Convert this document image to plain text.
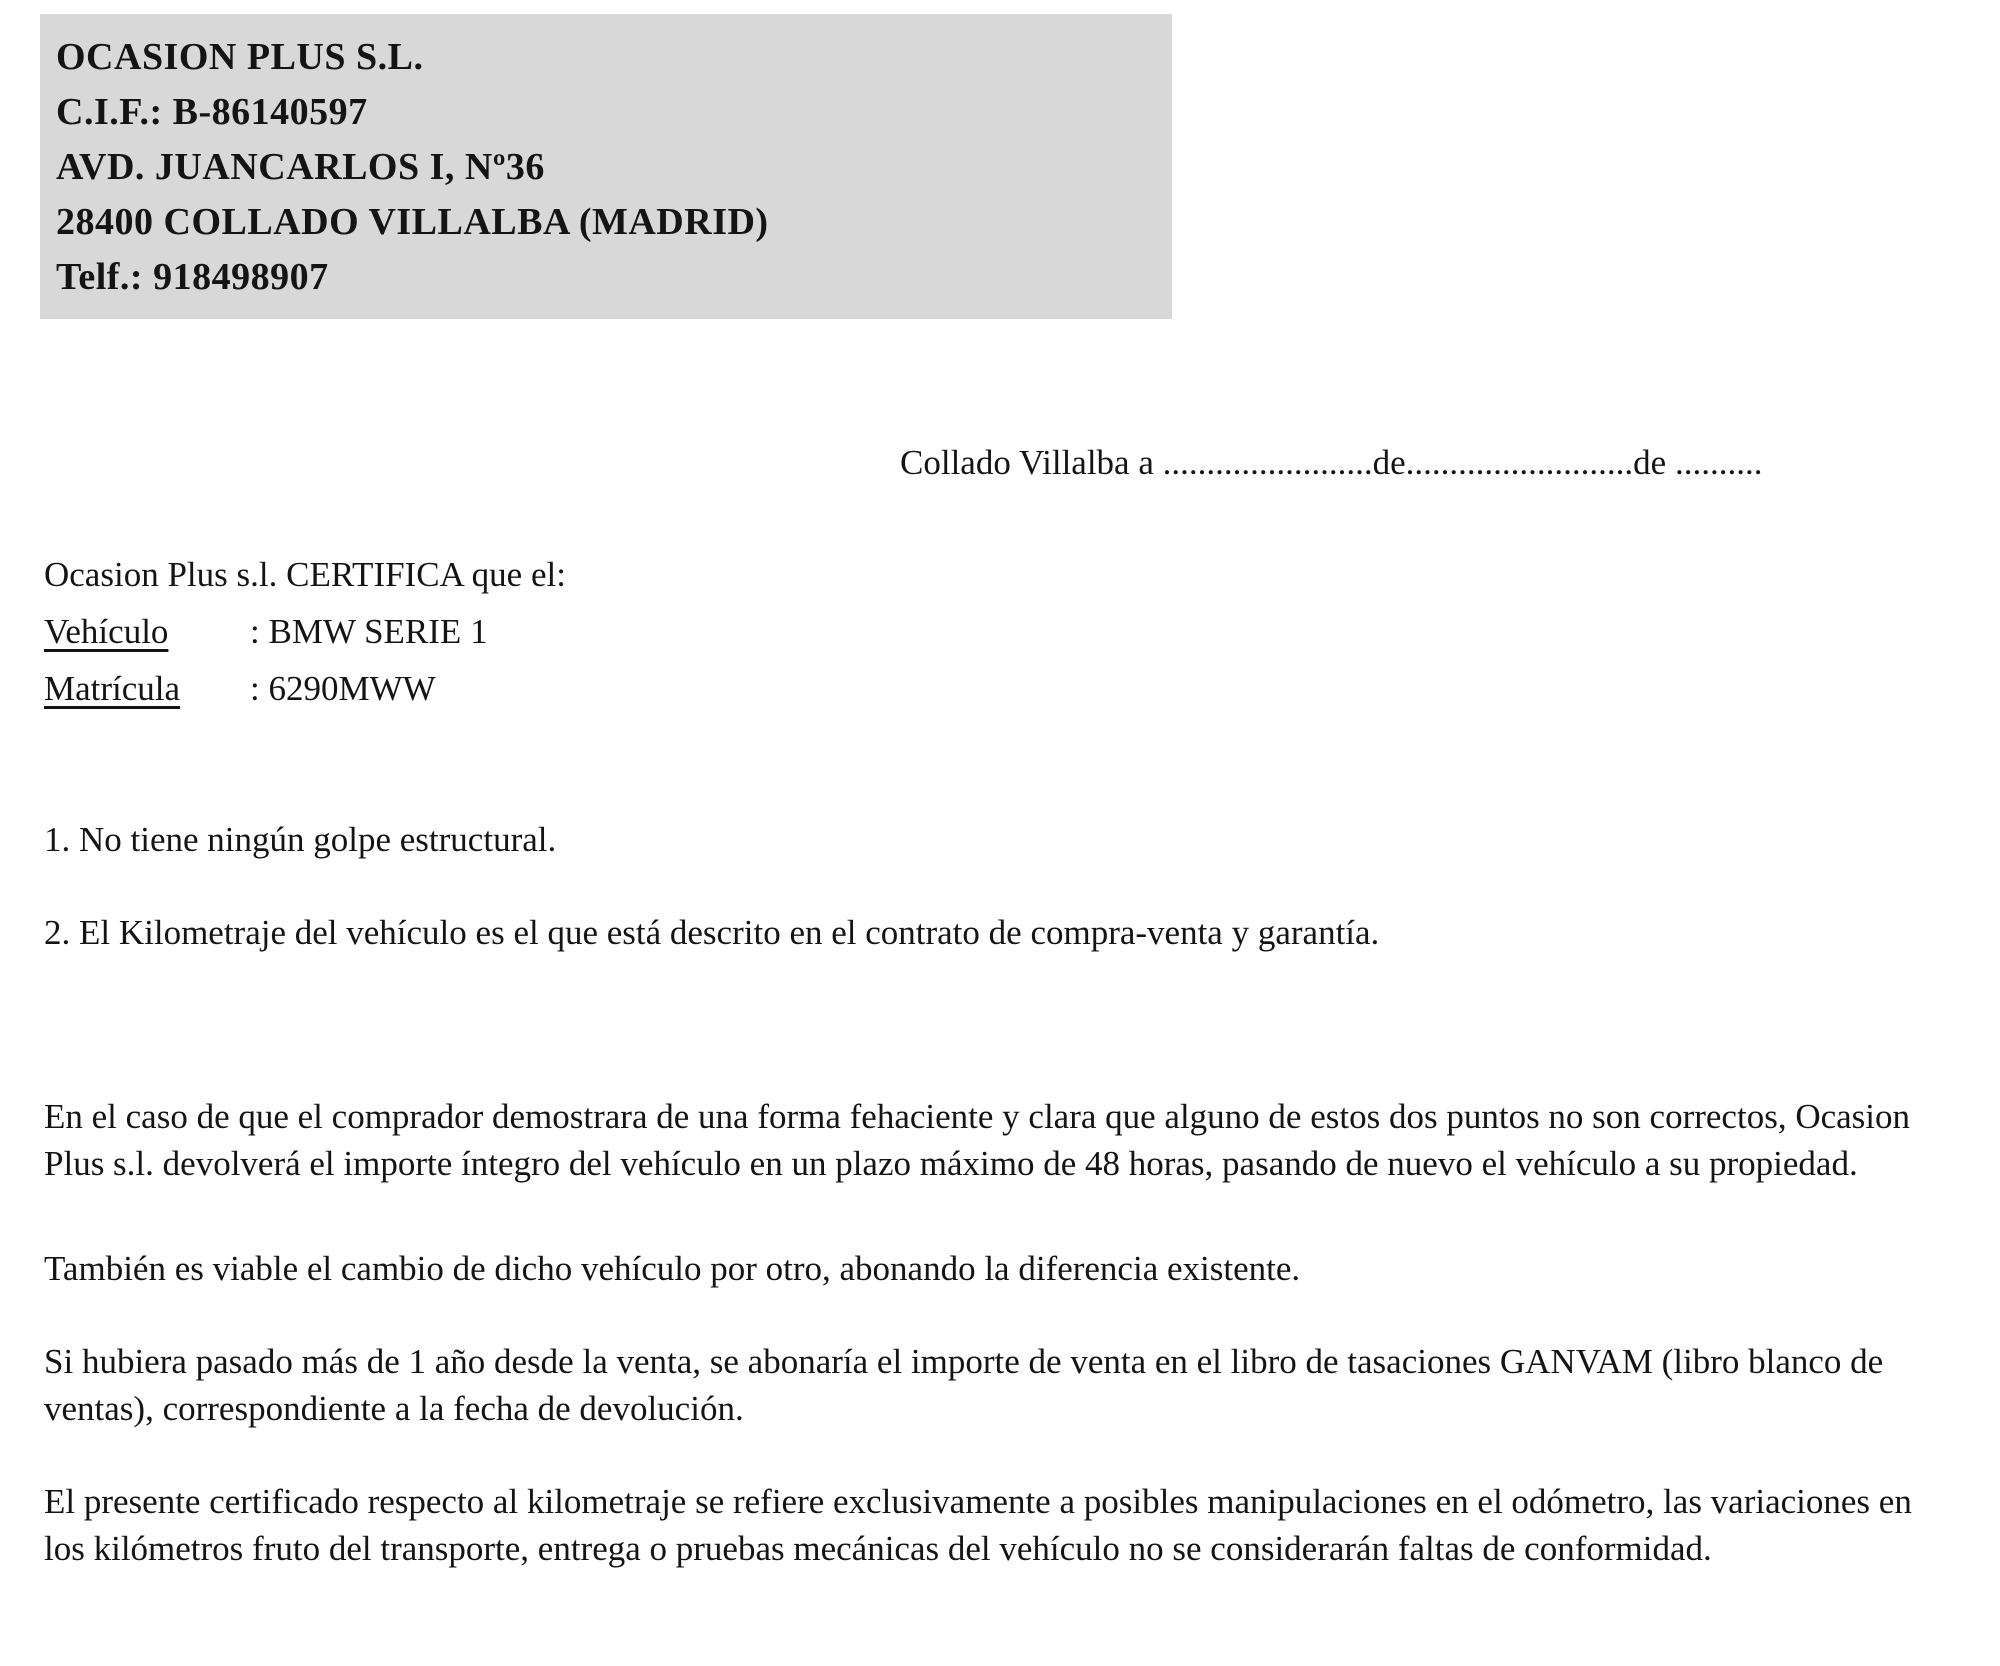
OCASION PLUS S.L.
C.I.F.: B-86140597
AVD. JUANCARLOS I, Nº36
28400 COLLADO VILLALBA (MADRID)
Telf.: 918498907
Collado Villalba a ........................de..........................de ..........
Ocasion Plus s.l. CERTIFICA que el:
Vehículo : BMW SERIE 1
Matrícula : 6290MWW

1. No tiene ningún golpe estructural.

2. El Kilometraje del vehículo es el que está descrito en el contrato de compra-venta y garantía.

En el caso de que el comprador demostrara de una forma fehaciente y clara que alguno de estos dos puntos no son correctos, Ocasion Plus s.l. devolverá el importe íntegro del vehículo en un plazo máximo de 48 horas, pasando de nuevo el vehículo a su propiedad.

También es viable el cambio de dicho vehículo por otro, abonando la diferencia existente.

Si hubiera pasado más de 1 año desde la venta, se abonaría el importe de venta en el libro de tasaciones GANVAM (libro blanco de ventas), correspondiente a la fecha de devolución.

El presente certificado respecto al kilometraje se refiere exclusivamente a posibles manipulaciones en el odómetro, las variaciones en los kilómetros fruto del transporte, entrega o pruebas mecánicas del vehículo no se considerarán faltas de conformidad.
